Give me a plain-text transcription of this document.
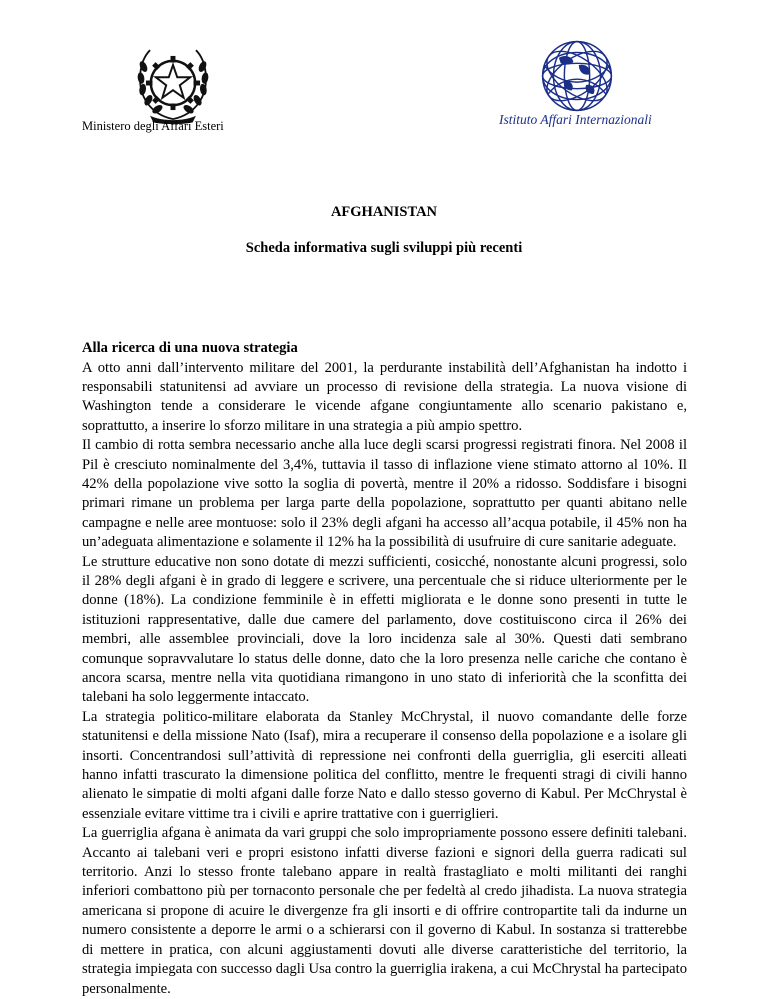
Ministero degli Affari Esteri	Istituto Affari Internazionali
AFGHANISTAN
Scheda informativa sugli sviluppi più recenti
Alla ricerca di una nuova strategia

A otto anni dall’intervento militare del 2001, la perdurante instabilità dell’Afghanistan ha indotto i responsabili statunitensi ad avviare un processo di revisione della strategia. La nuova visione di Washington tende a considerare le vicende afgane congiuntamente allo scenario pakistano e, soprattutto, a inserire lo sforzo militare in una strategia a più ampio spettro.

Il cambio di rotta sembra necessario anche alla luce degli scarsi progressi registrati finora. Nel 2008 il Pil è cresciuto nominalmente del 3,4%, tuttavia il tasso di inflazione viene stimato attorno al 10%. Il 42% della popolazione vive sotto la soglia di povertà, mentre il 20% a ridosso. Soddisfare i bisogni primari rimane un problema per larga parte della popolazione, soprattutto per quanti abitano nelle campagne e nelle aree montuose: solo il 23% degli afgani ha accesso all’acqua potabile, il 45% non ha un’adeguata alimentazione e solamente il 12% ha la possibilità di usufruire di cure sanitarie adeguate.

Le strutture educative non sono dotate di mezzi sufficienti, cosicché, nonostante alcuni progressi, solo il 28% degli afgani è in grado di leggere e scrivere, una percentuale che si riduce ulteriormente per le donne (18%). La condizione femminile è in effetti migliorata e le donne sono presenti in tutte le istituzioni rappresentative, dalle due camere del parlamento, dove costituiscono circa il 26% dei membri, alle assemblee provinciali, dove la loro incidenza sale al 30%. Questi dati sembrano comunque sopravvalutare lo status delle donne, dato che la loro presenza nelle cariche che contano è ancora scarsa, mentre nella vita quotidiana rimangono in uno stato di inferiorità che la sconfitta dei talebani ha solo leggermente intaccato.

La strategia politico-militare elaborata da Stanley McChrystal, il nuovo comandante delle forze statunitensi e della missione Nato (Isaf), mira a recuperare il consenso della popolazione e a isolare gli insorti. Concentrandosi sull’attività di repressione nei confronti della guerriglia, gli eserciti alleati hanno infatti trascurato la dimensione politica del conflitto, mentre le frequenti stragi di civili hanno alienato le simpatie di molti afgani dalle forze Nato e dallo stesso governo di Kabul. Per McChrystal è essenziale evitare vittime tra i civili e aprire trattative con i guerriglieri.

La guerriglia afgana è animata da vari gruppi che solo impropriamente possono essere definiti talebani. Accanto ai talebani veri e propri esistono infatti diverse fazioni e signori della guerra radicati sul territorio. Anzi lo stesso fronte talebano appare in realtà frastagliato e molti militanti dei ranghi inferiori combattono più per tornaconto personale che per fedeltà al credo jihadista. La nuova strategia americana si propone di acuire le divergenze fra gli insorti e di offrire contropartite tali da indurne un numero consistente a deporre le armi o a schierarsi con il governo di Kabul. In sostanza si tratterebbe di mettere in pratica, con alcuni aggiustamenti dovuti alle diverse caratteristiche del territorio, la strategia impiegata con successo dagli Usa contro la guerriglia irakena, a cui McChrystal ha partecipato personalmente.
